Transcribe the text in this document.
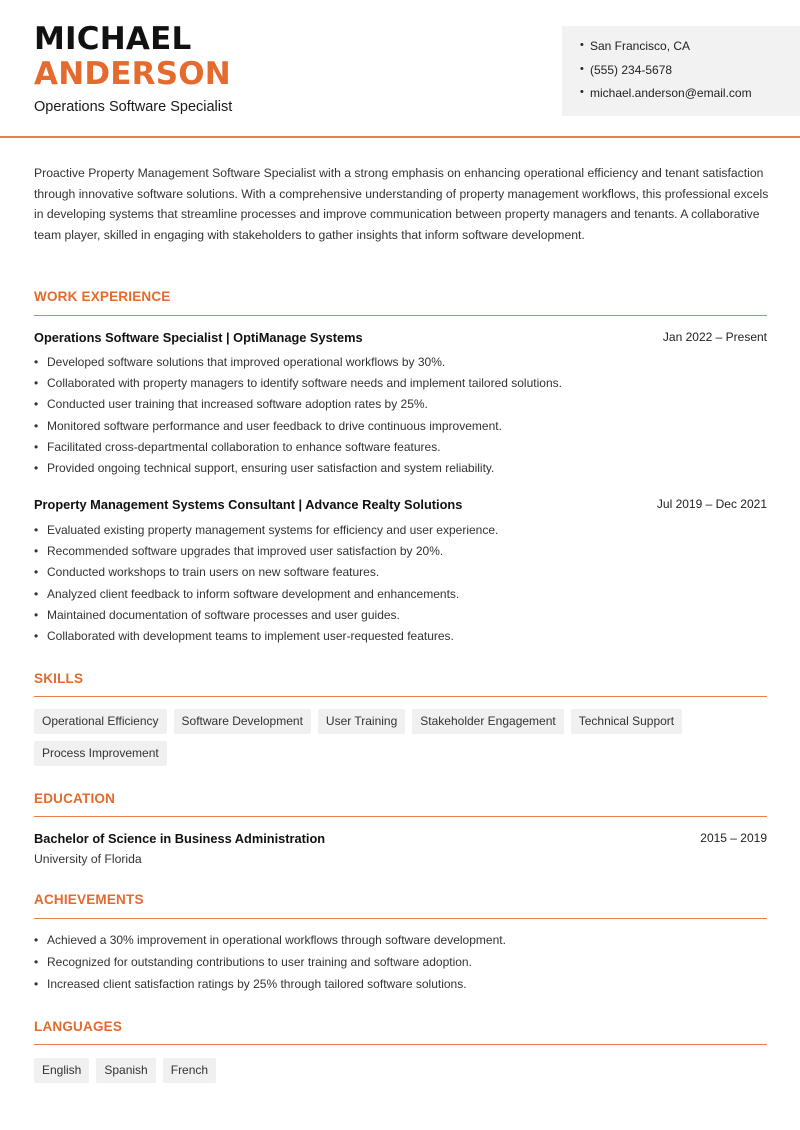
MICHAEL
ANDERSON
Operations Software Specialist
• San Francisco, CA
• (555) 234-5678
• michael.anderson@email.com
Proactive Property Management Software Specialist with a strong emphasis on enhancing operational efficiency and tenant satisfaction through innovative software solutions. With a comprehensive understanding of property management workflows, this professional excels in developing systems that streamline processes and improve communication between property managers and tenants. A collaborative team player, skilled in engaging with stakeholders to gather insights that inform software development.
WORK EXPERIENCE
Operations Software Specialist | OptiManage Systems	Jan 2022 – Present
• Developed software solutions that improved operational workflows by 30%.
• Collaborated with property managers to identify software needs and implement tailored solutions.
• Conducted user training that increased software adoption rates by 25%.
• Monitored software performance and user feedback to drive continuous improvement.
• Facilitated cross-departmental collaboration to enhance software features.
• Provided ongoing technical support, ensuring user satisfaction and system reliability.
Property Management Systems Consultant | Advance Realty Solutions	Jul 2019 – Dec 2021
• Evaluated existing property management systems for efficiency and user experience.
• Recommended software upgrades that improved user satisfaction by 20%.
• Conducted workshops to train users on new software features.
• Analyzed client feedback to inform software development and enhancements.
• Maintained documentation of software processes and user guides.
• Collaborated with development teams to implement user-requested features.
SKILLS
Operational Efficiency	Software Development	User Training	Stakeholder Engagement	Technical Support
Process Improvement
EDUCATION
Bachelor of Science in Business Administration	2015 – 2019
University of Florida
ACHIEVEMENTS
• Achieved a 30% improvement in operational workflows through software development.
• Recognized for outstanding contributions to user training and software adoption.
• Increased client satisfaction ratings by 25% through tailored software solutions.
LANGUAGES
English	Spanish	French
